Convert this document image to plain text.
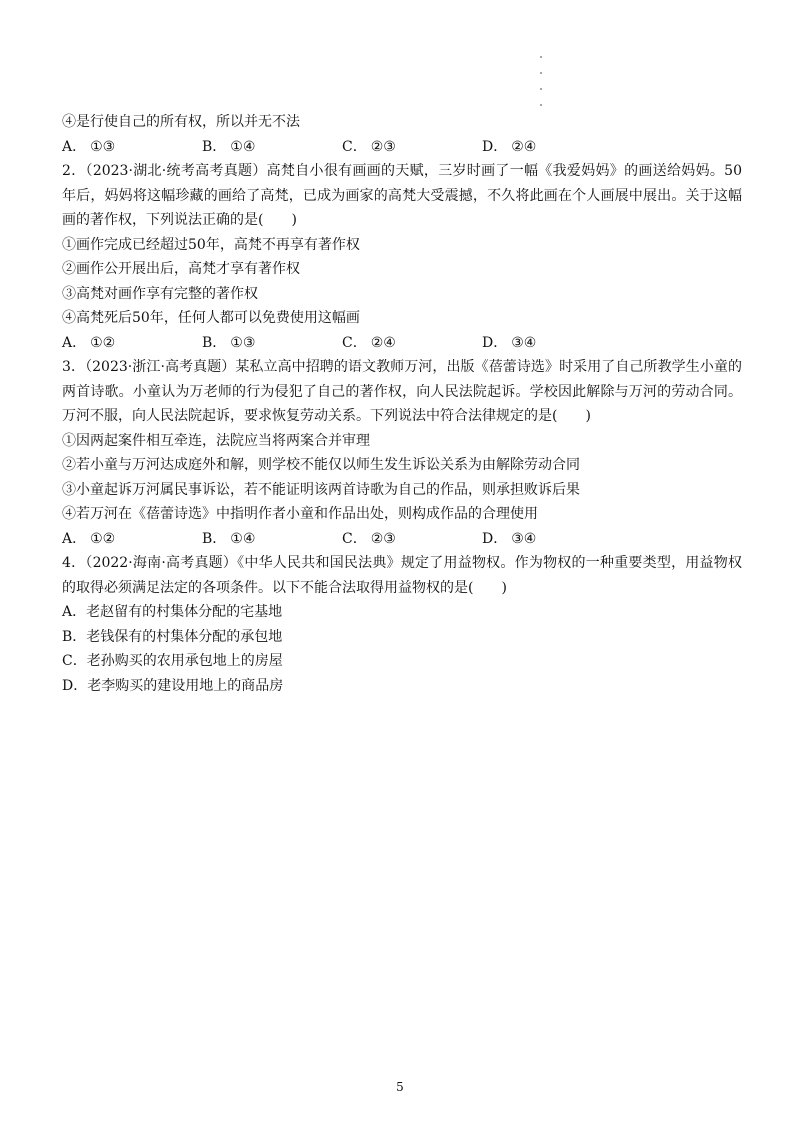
④是行使自己的所有权，所以并无不法
A． ①③	B． ①④	C． ②③	D． ②④
2．（2023·湖北·统考高考真题）高梵自小很有画画的天赋，三岁时画了一幅《我爱妈妈》的画送给妈妈。50年后，妈妈将这幅珍藏的画给了高梵，已成为画家的高梵大受震撼，不久将此画在个人画展中展出。关于这幅画的著作权，下列说法正确的是(　　)
①画作完成已经超过50年，高梵不再享有著作权
②画作公开展出后，高梵才享有著作权
③高梵对画作享有完整的著作权
④高梵死后50年，任何人都可以免费使用这幅画
A． ①②	B． ①③	C． ②④	D． ③④
3．（2023·浙江·高考真题）某私立高中招聘的语文教师万河，出版《蓓蕾诗选》时采用了自己所教学生小童的两首诗歌。小童认为万老师的行为侵犯了自己的著作权，向人民法院起诉。学校因此解除与万河的劳动合同。万河不服，向人民法院起诉，要求恢复劳动关系。下列说法中符合法律规定的是(　　)
①因两起案件相互牵连，法院应当将两案合并审理
②若小童与万河达成庭外和解，则学校不能仅以师生发生诉讼关系为由解除劳动合同
③小童起诉万河属民事诉讼，若不能证明该两首诗歌为自己的作品，则承担败诉后果
④若万河在《蓓蕾诗选》中指明作者小童和作品出处，则构成作品的合理使用
A． ①②	B． ①④	C． ②③	D． ③④
4．（2022·海南·高考真题）《中华人民共和国民法典》规定了用益物权。作为物权的一种重要类型，用益物权的取得必须满足法定的各项条件。以下不能合法取得用益物权的是(　　)
A．老赵留有的村集体分配的宅基地
B．老钱保有的村集体分配的承包地
C．老孙购买的农用承包地上的房屋
D．老李购买的建设用地上的商品房
5
